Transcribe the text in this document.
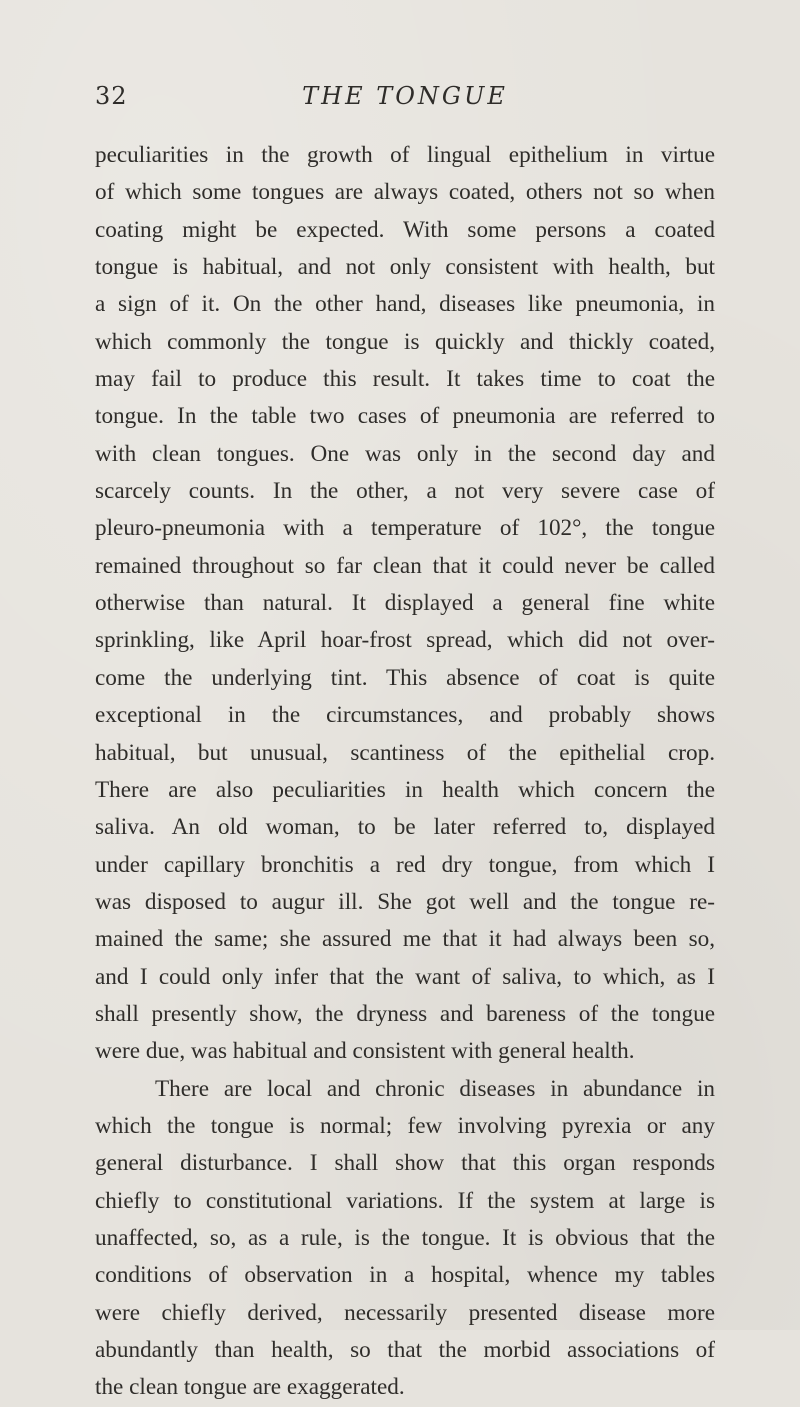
32	THE TONGUE
peculiarities in the growth of lingual epithelium in virtue
of which some tongues are always coated, others not so when
coating might be expected. With some persons a coated
tongue is habitual, and not only consistent with health, but
a sign of it. On the other hand, diseases like pneumonia, in
which commonly the tongue is quickly and thickly coated,
may fail to produce this result. It takes time to coat the
tongue. In the table two cases of pneumonia are referred to
with clean tongues. One was only in the second day and
scarcely counts. In the other, a not very severe case of
pleuro-pneumonia with a temperature of 102°, the tongue
remained throughout so far clean that it could never be called
otherwise than natural. It displayed a general fine white
sprinkling, like April hoar-frost spread, which did not over-
come the underlying tint. This absence of coat is quite
exceptional in the circumstances, and probably shows
habitual, but unusual, scantiness of the epithelial crop.
There are also peculiarities in health which concern the
saliva. An old woman, to be later referred to, displayed
under capillary bronchitis a red dry tongue, from which I
was disposed to augur ill. She got well and the tongue re-
mained the same; she assured me that it had always been so,
and I could only infer that the want of saliva, to which, as I
shall presently show, the dryness and bareness of the tongue
were due, was habitual and consistent with general health.
There are local and chronic diseases in abundance in
which the tongue is normal; few involving pyrexia or any
general disturbance. I shall show that this organ responds
chiefly to constitutional variations. If the system at large is
unaffected, so, as a rule, is the tongue. It is obvious that the
conditions of observation in a hospital, whence my tables
were chiefly derived, necessarily presented disease more
abundantly than health, so that the morbid associations of
the clean tongue are exaggerated.
